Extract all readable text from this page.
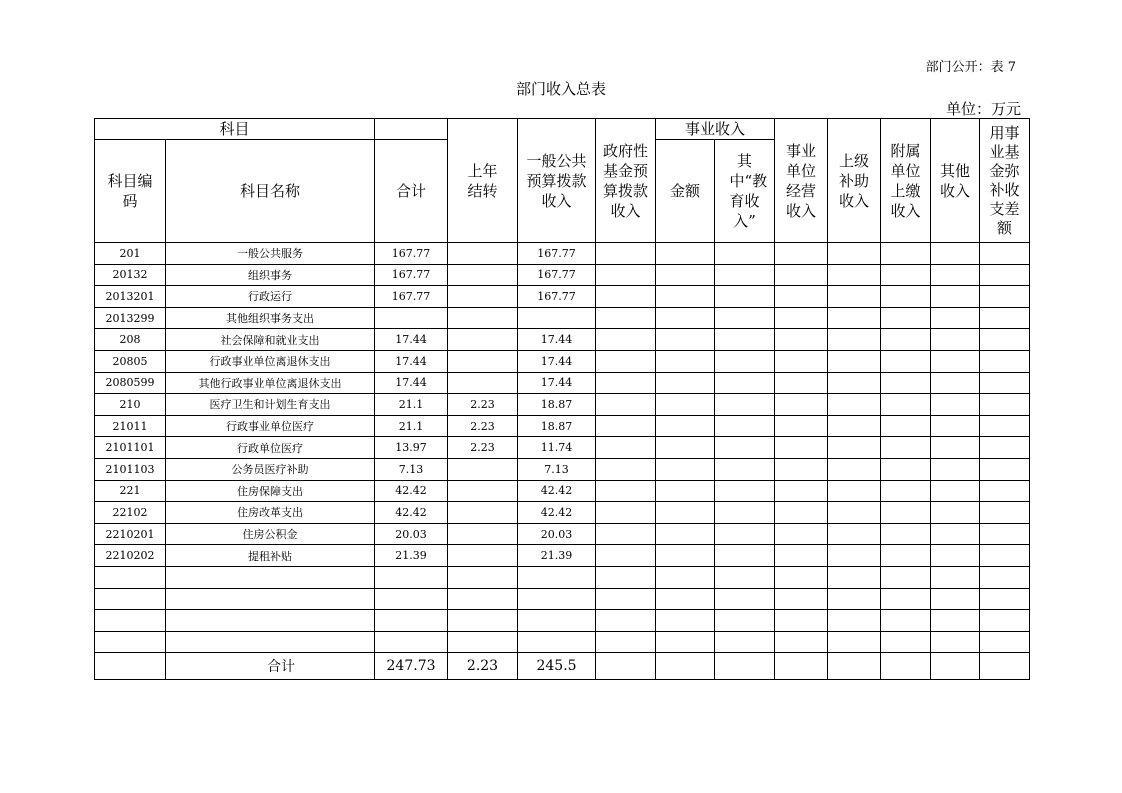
部门公开：表 7
部门收入总表
单位：万元
科目			上年结转	一般公共预算拨款收入	政府性基金预算拨款收入	事业收入		事业单位经营收入	上级补助收入	附属单位上缴收入	其他收入	用事业基金弥补收支差额

科目编码	科目名称	合计				金额	其中“教育收入”					

201	一般公共服务	167.77		167.77								
20132	组织事务	167.77		167.77								
2013201	行政运行	167.77		167.77								
2013299	其他组织事务支出											
208	社会保障和就业支出	17.44		17.44								
20805	行政事业单位离退休支出	17.44		17.44								
2080599	其他行政事业单位离退休支出	17.44		17.44								
210	医疗卫生和计划生育支出	21.1	2.23	18.87								
21011	行政事业单位医疗	21.1	2.23	18.87								
2101101	行政单位医疗	13.97	2.23	11.74								
2101103	公务员医疗补助	7.13		7.13								
221	住房保障支出	42.42		42.42								
22102	住房改革支出	42.42		42.42								
2210201	住房公积金	20.03		20.03								
2210202	提租补贴	21.39		21.39								

	合计	247.73	2.23	245.5								
